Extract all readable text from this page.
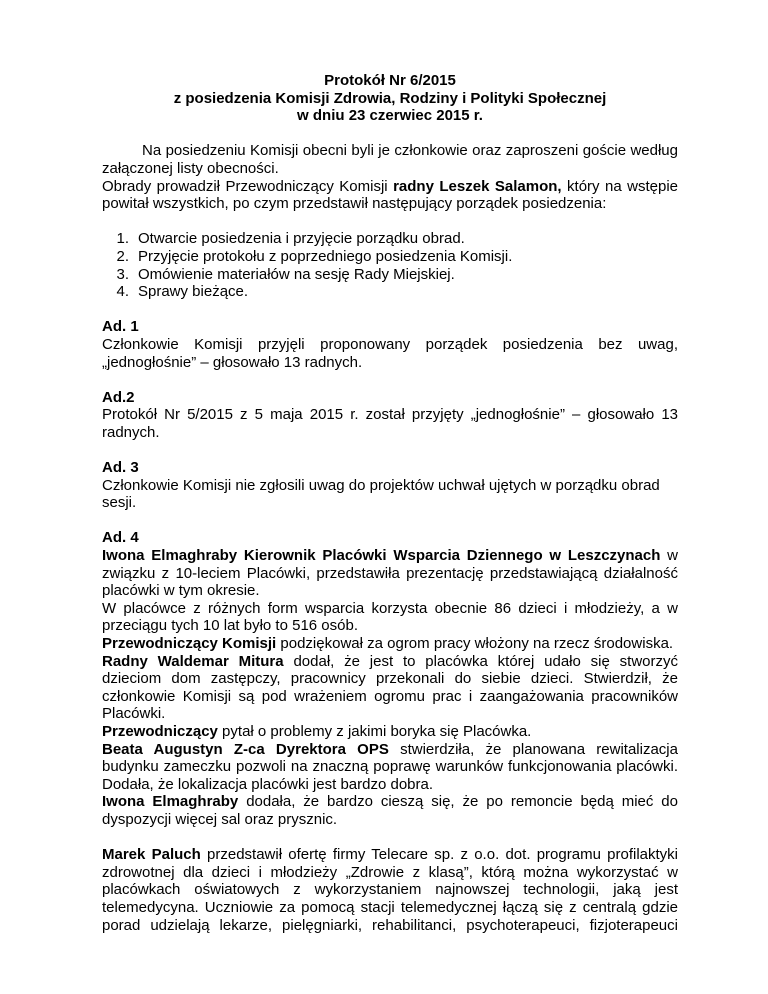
Protokół Nr 6/2015
z posiedzenia Komisji Zdrowia, Rodziny i Polityki Społecznej
w dniu 23 czerwiec 2015 r.

Na posiedzeniu Komisji obecni byli je członkowie oraz zaproszeni goście według załączonej listy obecności.

Obrady prowadził Przewodniczący Komisji radny Leszek Salamon, który na wstępie powitał wszystkich, po czym przedstawił następujący porządek posiedzenia:

1. Otwarcie posiedzenia i przyjęcie porządku obrad.
2. Przyjęcie protokołu z poprzedniego posiedzenia Komisji.
3. Omówienie materiałów na sesję Rady Miejskiej.
4. Sprawy bieżące.
Ad. 1

Członkowie Komisji przyjęli proponowany porządek posiedzenia bez uwag, „jednogłośnie” – głosowało 13 radnych.

Ad.2

Protokół Nr 5/2015 z 5 maja 2015 r. został przyjęty „jednogłośnie” – głosowało 13 radnych.

Ad. 3

Członkowie Komisji nie zgłosili uwag do projektów uchwał ujętych w porządku obrad sesji.

Ad. 4

Iwona Elmaghraby Kierownik Placówki Wsparcia Dziennego w Leszczynach w związku z 10-leciem Placówki, przedstawiła prezentację przedstawiającą działalność placówki w tym okresie.

W placówce z różnych form wsparcia korzysta obecnie 86 dzieci i młodzieży, a w przeciągu tych 10 lat było to 516 osób.

Przewodniczący Komisji podziękował za ogrom pracy włożony na rzecz środowiska.

Radny Waldemar Mitura dodał, że jest to placówka której udało się stworzyć dzieciom dom zastępczy, pracownicy przekonali do siebie dzieci. Stwierdził, że członkowie Komisji są pod wrażeniem ogromu prac i zaangażowania pracowników Placówki.

Przewodniczący pytał o problemy z jakimi boryka się Placówka.

Beata Augustyn Z-ca Dyrektora OPS stwierdziła, że planowana rewitalizacja budynku zameczku pozwoli na znaczną poprawę warunków funkcjonowania placówki. Dodała, że lokalizacja placówki jest bardzo dobra.

Iwona Elmaghraby dodała, że bardzo cieszą się, że po remoncie będą mieć do dyspozycji więcej sal oraz prysznic.

Marek Paluch przedstawił ofertę firmy Telecare sp. z o.o. dot. programu profilaktyki zdrowotnej dla dzieci i młodzieży „Zdrowie z klasą”, którą można wykorzystać w placówkach oświatowych z wykorzystaniem najnowszej technologii, jaką jest telemedycyna. Uczniowie za pomocą stacji telemedycznej łączą się z centralą gdzie porad udzielają lekarze, pielęgniarki, rehabilitanci, psychoterapeuci, fizjoterapeuci
